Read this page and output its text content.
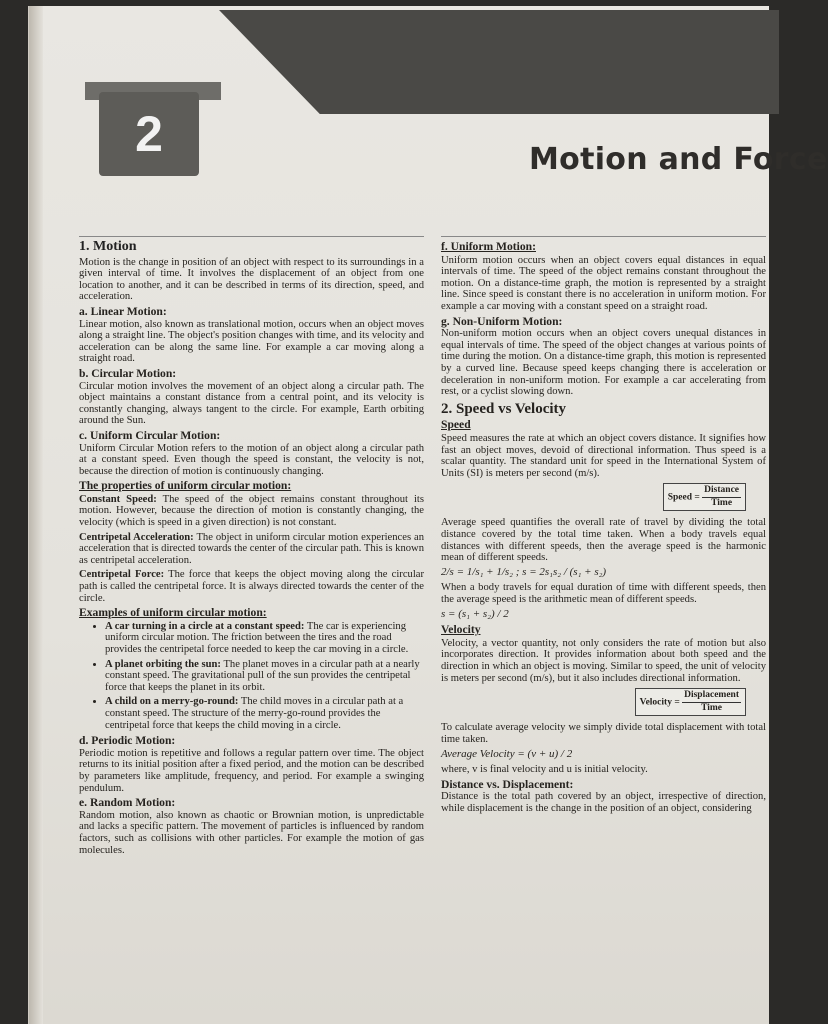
2	Motion and Force
1. Motion

Motion is the change in position of an object with respect to its surroundings in a given interval of time. It involves the displacement of an object from one location to another, and it can be described in terms of its direction, speed, and acceleration.

a. Linear Motion:

Linear motion, also known as translational motion, occurs when an object moves along a straight line. The object's position changes with time, and its velocity and acceleration can be along the same line. For example a car moving along a straight road.

b. Circular Motion:

Circular motion involves the movement of an object along a circular path. The object maintains a constant distance from a central point, and its velocity is constantly changing, always tangent to the circle. For example, Earth orbiting around the Sun.

c. Uniform Circular Motion:

Uniform Circular Motion refers to the motion of an object along a circular path at a constant speed. Even though the speed is constant, the velocity is not, because the direction of motion is continuously changing.

The properties of uniform circular motion:

Constant Speed: The speed of the object remains constant throughout its motion. However, because the direction of motion is constantly changing, the velocity (which is speed in a given direction) is not constant.

Centripetal Acceleration: The object in uniform circular motion experiences an acceleration that is directed towards the center of the circular path. This is known as centripetal acceleration.

Centripetal Force: The force that keeps the object moving along the circular path is called the centripetal force. It is always directed towards the center of the circle.

Examples of uniform circular motion:
• A car turning in a circle at a constant speed: The car is experiencing uniform circular motion. The friction between the tires and the road provides the centripetal force needed to keep the car moving in a circle.
• A planet orbiting the sun: The planet moves in a circular path at a nearly constant speed. The gravitational pull of the sun provides the centripetal force that keeps the planet in its orbit.
• A child on a merry-go-round: The child moves in a circular path at a constant speed. The structure of the merry-go-round provides the centripetal force that keeps the child moving in a circle.
d. Periodic Motion:

Periodic motion is repetitive and follows a regular pattern over time. The object returns to its initial position after a fixed period, and the motion can be described by parameters like amplitude, frequency, and period. For example a swinging pendulum.

e. Random Motion:

Random motion, also known as chaotic or Brownian motion, is unpredictable and lacks a specific pattern. The movement of particles is influenced by random factors, such as collisions with other particles. For example the motion of gas molecules.

f. Uniform Motion:

Uniform motion occurs when an object covers equal distances in equal intervals of time. The speed of the object remains constant throughout the motion. On a distance-time graph, the motion is represented by a straight line. Since speed is constant there is no acceleration in uniform motion. For example a car moving with a constant speed on a straight road.

g. Non-Uniform Motion:

Non-uniform motion occurs when an object covers unequal distances in equal intervals of time. The speed of the object changes at various points of time during the motion. On a distance-time graph, this motion is represented by a curved line. Because speed keeps changing there is acceleration or deceleration in non-uniform motion. For example a car accelerating from rest, or a cyclist slowing down.

2. Speed vs Velocity
Speed

Speed measures the rate at which an object covers distance. It signifies how fast an object moves, devoid of directional information. Thus speed is a scalar quantity. The standard unit for speed in the International System of Units (SI) is meters per second (m/s).

Speed = $\frac{\text{Distance}}{\text{Time}}$

Average speed quantifies the overall rate of travel by dividing the total distance covered by the total time taken. When a body travels equal distances with different speeds, then the average speed is the harmonic mean of different speeds.

2/s = 1/s₁ + 1/s₂ ; s = 2s₁s₂ / (s₁ + s₂)

When a body travels for equal duration of time with different speeds, then the average speed is the arithmetic mean of different speeds.

s = (s₁ + s₂) / 2
Velocity

Velocity, a vector quantity, not only considers the rate of motion but also incorporates direction. It provides information about both speed and the direction in which an object is moving. Similar to speed, the unit of velocity is meters per second (m/s), but it also includes directional information.

Velocity = $\frac{\text{Displacement}}{\text{Time}}$

To calculate average velocity we simply divide total displacement with total time taken.

Average Velocity = (v + u) / 2

where, v is final velocity and u is initial velocity.

Distance vs. Displacement:

Distance is the total path covered by an object, irrespective of direction, while displacement is the change in the position of an object, considering
